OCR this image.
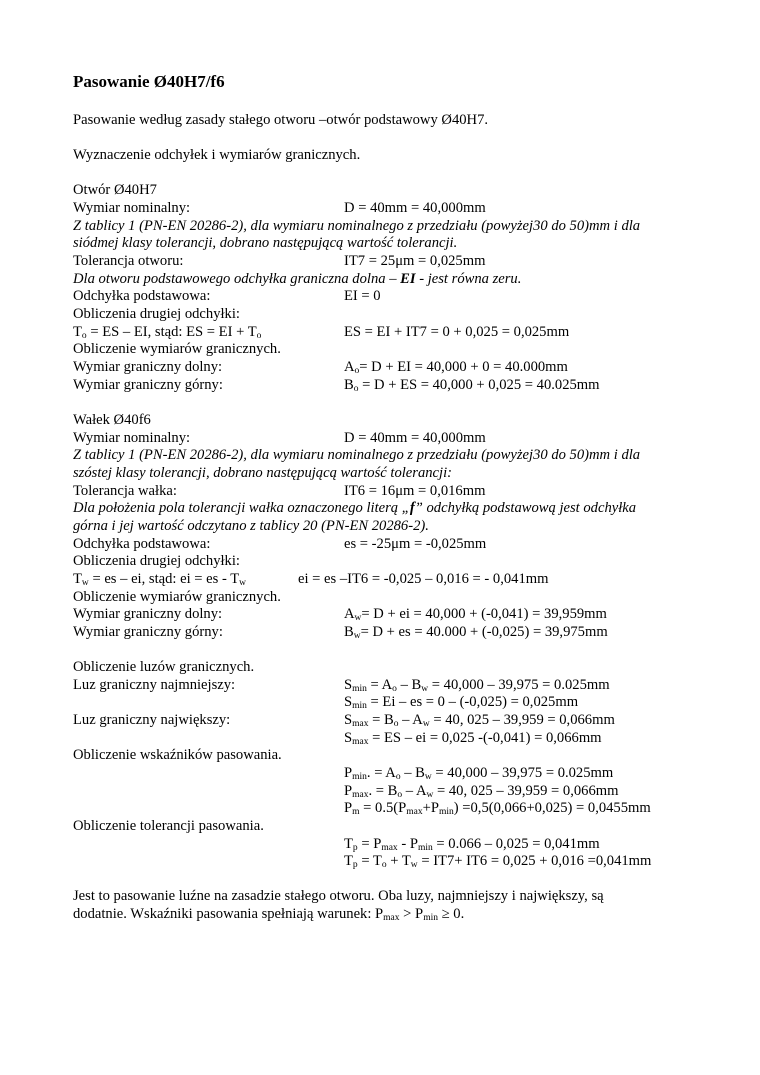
Pasowanie Ø40H7/f6
Pasowanie według zasady stałego otworu –otwór podstawowy Ø40H7.
Wyznaczenie odchyłek i wymiarów granicznych.
Otwór Ø40H7
Wymiar nominalny:	D = 40mm = 40,000mm
Z tablicy 1 (PN-EN 20286-2), dla wymiaru nominalnego z przedziału (powyżej30 do 50)mm i dla
siódmej klasy tolerancji, dobrano następującą wartość tolerancji.
Tolerancja otworu:	IT7 = 25μm = 0,025mm
Dla otworu podstawowego odchyłka graniczna dolna – EI - jest równa zeru.
Odchyłka podstawowa:	EI = 0
Obliczenia drugiej odchyłki:
$T_o$ = ES – EI, stąd: ES = EI + $T_o$	ES = EI + IT7 = 0 + 0,025 = 0,025mm
Obliczenie wymiarów granicznych.
Wymiar graniczny dolny:	$A_o= D$ + EI = 40,000 + 0 = 40.000mm
Wymiar graniczny górny:	$B_o = D$ + ES = 40,000 + 0,025 = 40.025mm
Wałek Ø40f6
Wymiar nominalny:	D = 40mm = 40,000mm
Z tablicy 1 (PN-EN 20286-2), dla wymiaru nominalnego z przedziału (powyżej30 do 50)mm i dla
szóstej klasy tolerancji, dobrano następującą wartość tolerancji:
Tolerancja wałka:	IT6 = 16μm = 0,016mm
Dla położenia pola tolerancji wałka oznaczonego literą „f” odchyłką podstawową jest odchyłka
górna i jej wartość odczytano z tablicy 20 (PN-EN 20286-2).
Odchyłka podstawowa:	es = -25μm = -0,025mm
Obliczenia drugiej odchyłki:
$T_w$ = es – ei, stąd: ei = es - $T_w$	ei = es –IT6 = -0,025 – 0,016 = - 0,041mm
Obliczenie wymiarów granicznych.
Wymiar graniczny dolny:	$A_w= D$ + ei = 40,000 + (-0,041) = 39,959mm
Wymiar graniczny górny:	$B_w= D$ + es = 40.000 + (-0,025) = 39,975mm
Obliczenie luzów granicznych.
Luz graniczny najmniejszy:	$S_{min} = A_o - B_w = 40,000 - 39,975 = 0.025mm$
$S_{min} = Ei$ – es = 0 – (-0,025) = 0,025mm
Luz graniczny największy:	$S_{max} = B_o - A_w = 40$, 025 – 39,959 = 0,066mm
$S_{max}$ = ES – ei = 0,025 -(-0,041) = 0,066mm
Obliczenie wskaźników pasowania.
$P_{min}$. = $A_o - B_w = 40,000 - 39,975 = 0.025mm$
$P_{max}$. = $B_o - A_w = 40$, 025 – 39,959 = 0,066mm
$P_m = 0.5(P_{max}+P_{min}) =0,5(0,066+0,025) = 0,0455mm$
Obliczenie tolerancji pasowania.
$T_p = P_{max} - P_{min} = 0.066 - 0,025 = 0,041mm$
$T_p = T_o + T_w = IT7+ IT6 = 0,025 + 0,016 =0,041mm$
Jest to pasowanie luźne na zasadzie stałego otworu. Oba luzy, najmniejszy i największy, są
dodatnie. Wskaźniki pasowania spełniają warunek: $P_{max} > P_{min} \ge 0$.
